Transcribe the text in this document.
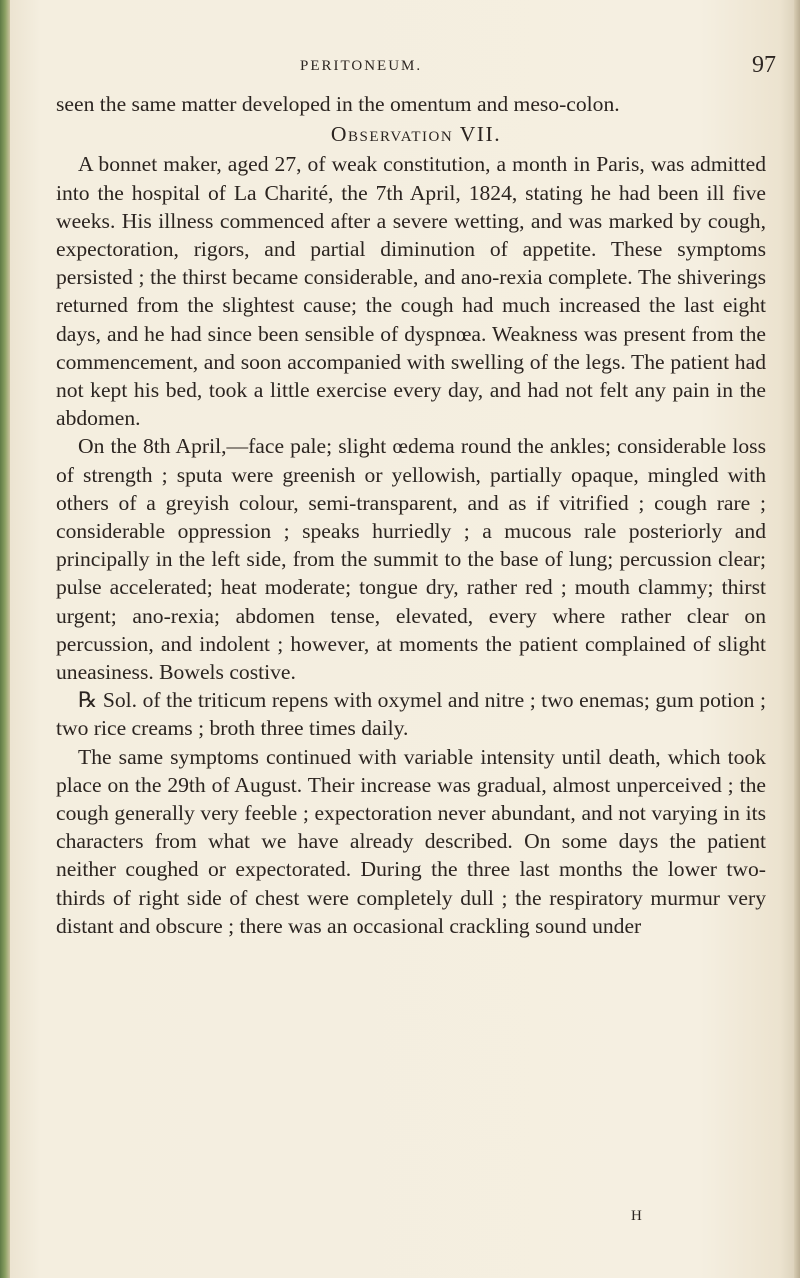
PERITONEUM.	97

seen the same matter developed in the omentum and meso-colon.

Observation VII.

A bonnet maker, aged 27, of weak constitution, a month in Paris, was admitted into the hospital of La Charité, the 7th April, 1824, stating he had been ill five weeks. His illness commenced after a severe wetting, and was marked by cough, expectoration, rigors, and partial diminution of appetite. These symptoms persisted ; the thirst became considerable, and ano-rexia complete. The shiverings returned from the slightest cause; the cough had much increased the last eight days, and he had since been sensible of dyspnœa. Weakness was present from the commencement, and soon accompanied with swelling of the legs. The patient had not kept his bed, took a little exercise every day, and had not felt any pain in the abdomen.

On the 8th April,—face pale; slight œdema round the ankles; considerable loss of strength ; sputa were greenish or yellowish, partially opaque, mingled with others of a greyish colour, semi-transparent, and as if vitrified ; cough rare ; considerable oppression ; speaks hurriedly ; a mucous rale posteriorly and principally in the left side, from the summit to the base of lung; percussion clear; pulse accelerated; heat moderate; tongue dry, rather red ; mouth clammy; thirst urgent; ano-rexia; abdomen tense, elevated, every where rather clear on percussion, and indolent ; however, at moments the patient complained of slight uneasiness. Bowels costive.

℞ Sol. of the triticum repens with oxymel and nitre ; two enemas; gum potion ; two rice creams ; broth three times daily.

The same symptoms continued with variable intensity until death, which took place on the 29th of August. Their increase was gradual, almost unperceived ; the cough generally very feeble ; expectoration never abundant, and not varying in its characters from what we have already described. On some days the patient neither coughed or expectorated. During the three last months the lower two-thirds of right side of chest were completely dull ; the respiratory murmur very distant and obscure ; there was an occasional crackling sound under

H
